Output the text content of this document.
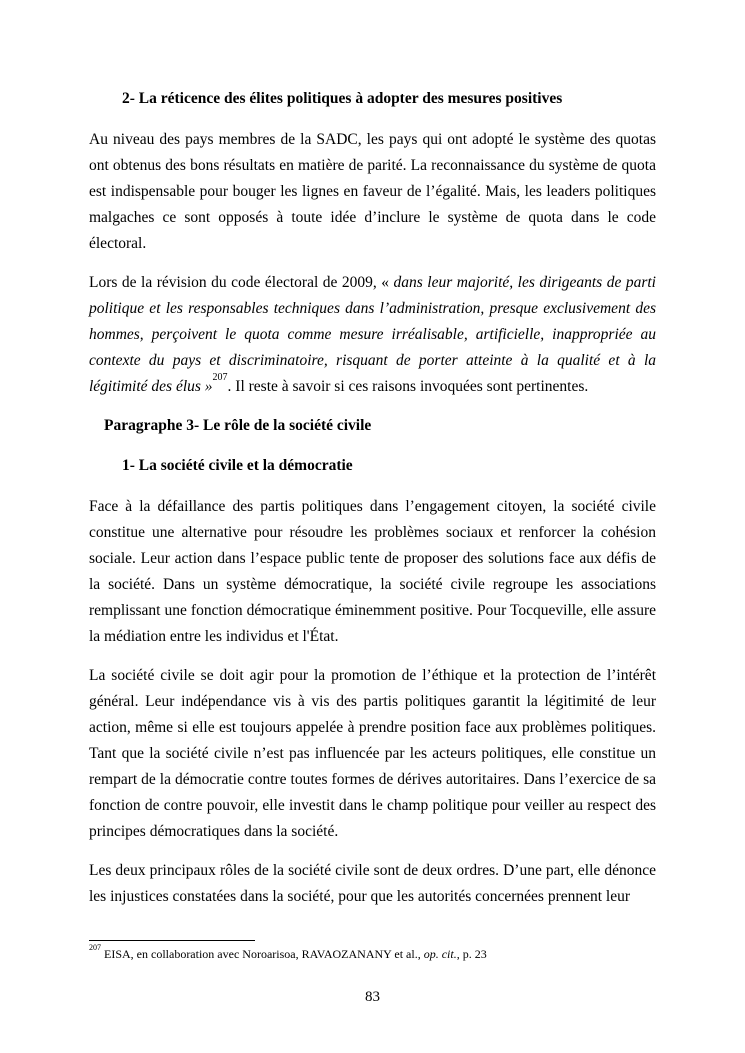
2- La réticence des élites politiques à adopter des mesures positives

Au niveau des pays membres de la SADC, les pays qui ont adopté le système des quotas ont obtenus des bons résultats en matière de parité. La reconnaissance du système de quota est indispensable pour bouger les lignes en faveur de l’égalité. Mais, les leaders politiques malgaches ce sont opposés à toute idée d’inclure le système de quota dans le code électoral.

Lors de la révision du code électoral de 2009, « dans leur majorité, les dirigeants de parti politique et les responsables techniques dans l’administration, presque exclusivement des hommes, perçoivent le quota comme mesure irréalisable, artificielle, inappropriée au contexte du pays et discriminatoire, risquant de porter atteinte à la qualité et à la légitimité des élus »$^{207}$. Il reste à savoir si ces raisons invoquées sont pertinentes.

Paragraphe 3- Le rôle de la société civile
1- La société civile et la démocratie

Face à la défaillance des partis politiques dans l’engagement citoyen, la société civile constitue une alternative pour résoudre les problèmes sociaux et renforcer la cohésion sociale. Leur action dans l’espace public tente de proposer des solutions face aux défis de la société. Dans un système démocratique, la société civile regroupe les associations remplissant une fonction démocratique éminemment positive. Pour Tocqueville, elle assure la médiation entre les individus et l'État.

La société civile se doit agir pour la promotion de l’éthique et la protection de l’intérêt général. Leur indépendance vis à vis des partis politiques garantit la légitimité de leur action, même si elle est toujours appelée à prendre position face aux problèmes politiques. Tant que la société civile n’est pas influencée par les acteurs politiques, elle constitue un rempart de la démocratie contre toutes formes de dérives autoritaires. Dans l’exercice de sa fonction de contre pouvoir, elle investit dans le champ politique pour veiller au respect des principes démocratiques dans la société.

Les deux principaux rôles de la société civile sont de deux ordres. D’une part, elle dénonce les injustices constatées dans la société, pour que les autorités concernées prennent leur

$^{207}$ EISA, en collaboration avec Noroarisoa, RAVAOZANANY et al., op. cit., p. 23
83
